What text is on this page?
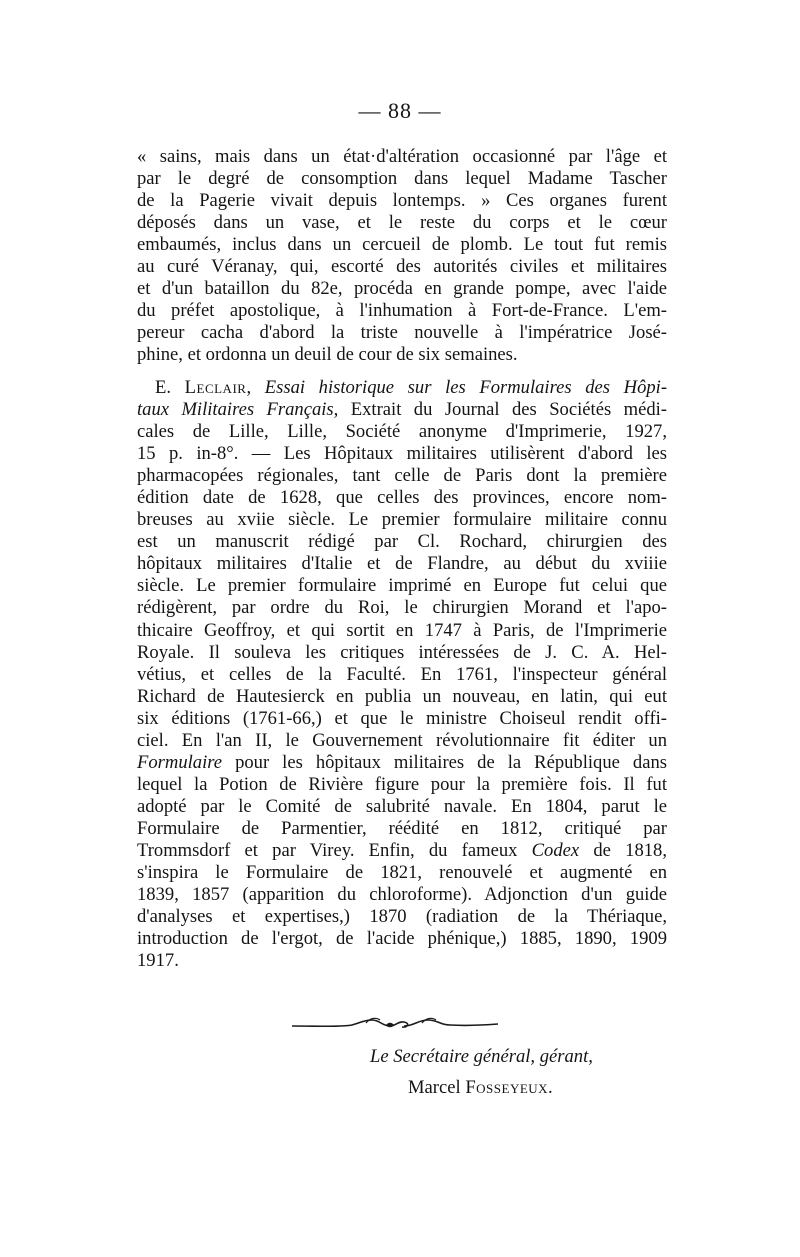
— 88 —
« sains, mais dans un état·d'altération occasionné par l'âge et
par le degré de consomption dans lequel Madame Tascher
de la Pagerie vivait depuis lontemps. » Ces organes furent
déposés dans un vase, et le reste du corps et le cœur
embaumés, inclus dans un cercueil de plomb. Le tout fut remis
au curé Véranay, qui, escorté des autorités civiles et militaires
et d'un bataillon du 82e, procéda en grande pompe, avec l'aide
du préfet apostolique, à l'inhumation à Fort-de-France. L'em-
pereur cacha d'abord la triste nouvelle à l'impératrice José-
phine, et ordonna un deuil de cour de six semaines.
E. Leclair, Essai historique sur les Formulaires des Hôpi-
taux Militaires Français, Extrait du Journal des Sociétés médi-
cales de Lille, Lille, Société anonyme d'Imprimerie, 1927,
15 p. in-8°. — Les Hôpitaux militaires utilisèrent d'abord les
pharmacopées régionales, tant celle de Paris dont la première
édition date de 1628, que celles des provinces, encore nom-
breuses au xviie siècle. Le premier formulaire militaire connu
est un manuscrit rédigé par Cl. Rochard, chirurgien des
hôpitaux militaires d'Italie et de Flandre, au début du xviiie
siècle. Le premier formulaire imprimé en Europe fut celui que
rédigèrent, par ordre du Roi, le chirurgien Morand et l'apo-
thicaire Geoffroy, et qui sortit en 1747 à Paris, de l'Imprimerie
Royale. Il souleva les critiques intéressées de J. C. A. Hel-
vétius, et celles de la Faculté. En 1761, l'inspecteur général
Richard de Hautesierck en publia un nouveau, en latin, qui eut
six éditions (1761-66,) et que le ministre Choiseul rendit offi-
ciel. En l'an II, le Gouvernement révolutionnaire fit éditer un
Formulaire pour les hôpitaux militaires de la République dans
lequel la Potion de Rivière figure pour la première fois. Il fut
adopté par le Comité de salubrité navale. En 1804, parut le
Formulaire de Parmentier, réédité en 1812, critiqué par
Trommsdorf et par Virey. Enfin, du fameux Codex de 1818,
s'inspira le Formulaire de 1821, renouvelé et augmenté en
1839, 1857 (apparition du chloroforme). Adjonction d'un guide
d'analyses et expertises,) 1870 (radiation de la Thériaque,
introduction de l'ergot, de l'acide phénique,) 1885, 1890, 1909
1917.
Le Secrétaire général, gérant,
Marcel Fosseyeux.
